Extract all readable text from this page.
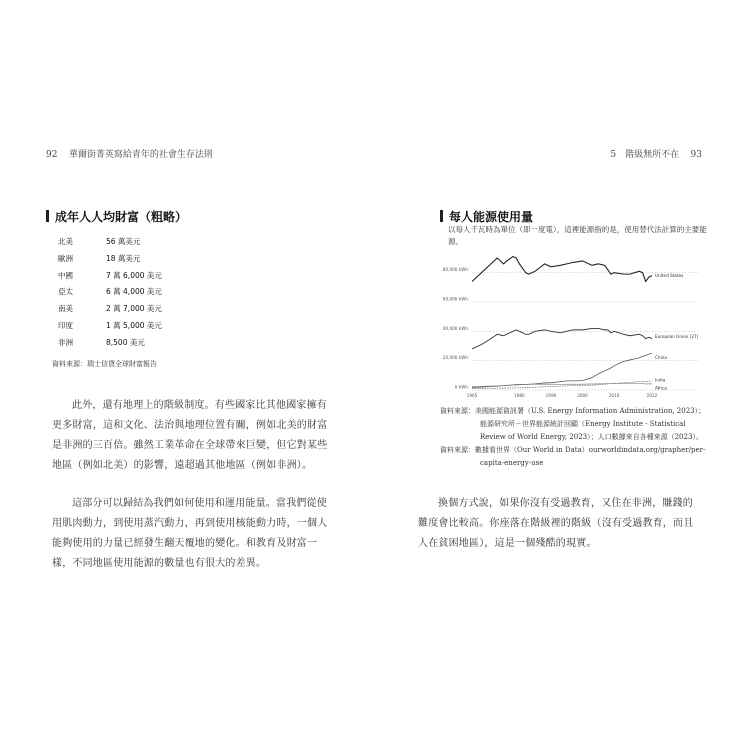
92 華爾街菁英寫給青年的社會生存法則	5　階級無所不在 93
成年人人均財富（粗略）
北美	56 萬美元
歐洲	18 萬美元
中國	7 萬 6,000 美元
亞太	6 萬 4,000 美元
南美	2 萬 7,000 美元
印度	1 萬 5,000 美元
非洲	8,500 美元
資料來源：瑞士信貸全球財富報告
此外，還有地理上的階級制度。有些國家比其他國家擁有更多財富，這和文化、法治與地理位置有關，例如北美的財富是非洲的三百倍。雖然工業革命在全球帶來巨變，但它對某些地區（例如北美）的影響，遠超過其他地區（例如非洲）。
這部分可以歸結為我們如何使用和運用能量。當我們從使用肌肉動力，到使用蒸汽動力，再到使用核能動力時，一個人能夠使用的力量已經發生翻天覆地的變化。和教育及財富一樣，不同地區使用能源的數量也有很大的差異。
每人能源使用量
以每人千瓦時為單位（即一度電），這裡能源指的是，使用替代法計算的主要能源。
0 kWh
20,000 kWh
40,000 kWh
60,000 kWh
80,000 kWh
1965	1980	1990	2000	2010	2022
United States
European Union (27)
China
India
Africa
資料來源：美國能源資訊署（U.S. Energy Information Administration, 2023）；
能源研究所－世界能源統計回顧（Energy Institute - Statistical
Review of World Energy, 2023）；人口數據來自各種來源（2023）。
資料來源：數據看世界（Our World in Data）ourworldindata.org/grapher/per-
capita-energy-use
換個方式說，如果你沒有受過教育，又住在非洲，賺錢的難度會比較高。你座落在階級裡的階級（沒有受過教育，而且人在貧困地區），這是一個殘酷的現實。
